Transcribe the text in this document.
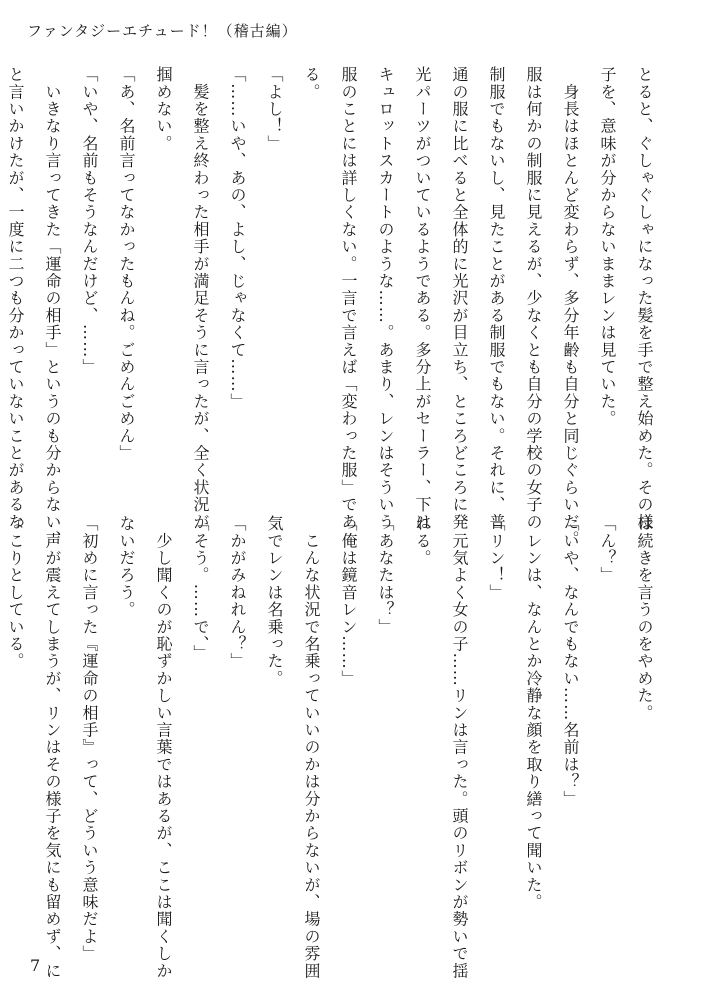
ファンタジーエチュード！（稽古編）
とると、ぐしゃぐしゃになった髪を手で整え始めた。その様
子を、意味が分からないままレンは見ていた。
　身長はほとんど変わらず、多分年齢も自分と同じぐらいだ。
服は何かの制服に見えるが、少なくとも自分の学校の女子の
制服でもないし、見たことがある制服でもない。それに、普
通の服に比べると全体的に光沢が目立ち、ところどころに発
光パーツがついているようである。多分上がセーラー、下は
キュロットスカートのような……。あまり、レンはそういう
服のことには詳しくない。一言で言えば「変わった服」であ
る。
「よし！」
「……いや、あの、よし、じゃなくて……」
　髪を整え終わった相手が満足そうに言ったが、全く状況が
掴めない。
「あ、名前言ってなかったもんね。ごめんごめん」
「いや、名前もそうなんだけど、……」
　いきなり言ってきた「運命の相手」というのも分からない、
と言いかけたが、一度に二つも分かっていないことがあるな
は続きを言うのをやめた。
「ん？」
「いや、なんでもない……名前は？」
　レンは、なんとか冷静な顔を取り繕って聞いた。
「リン！」
　元気よく女の子……リンは言った。頭のリボンが勢いで揺
れる。
「あなたは？」
「俺は鏡音レン……」
　こんな状況で名乗っていいのかは分からないが、場の雰囲
気でレンは名乗った。
「かがみねれん？」
「そう。……で、」
　少し聞くのが恥ずかしい言葉ではあるが、ここは聞くしか
ないだろう。
「初めに言った『運命の相手』って、どういう意味だよ」
　声が震えてしまうが、リンはその様子を気にも留めず、に
っこりとしている。
7
